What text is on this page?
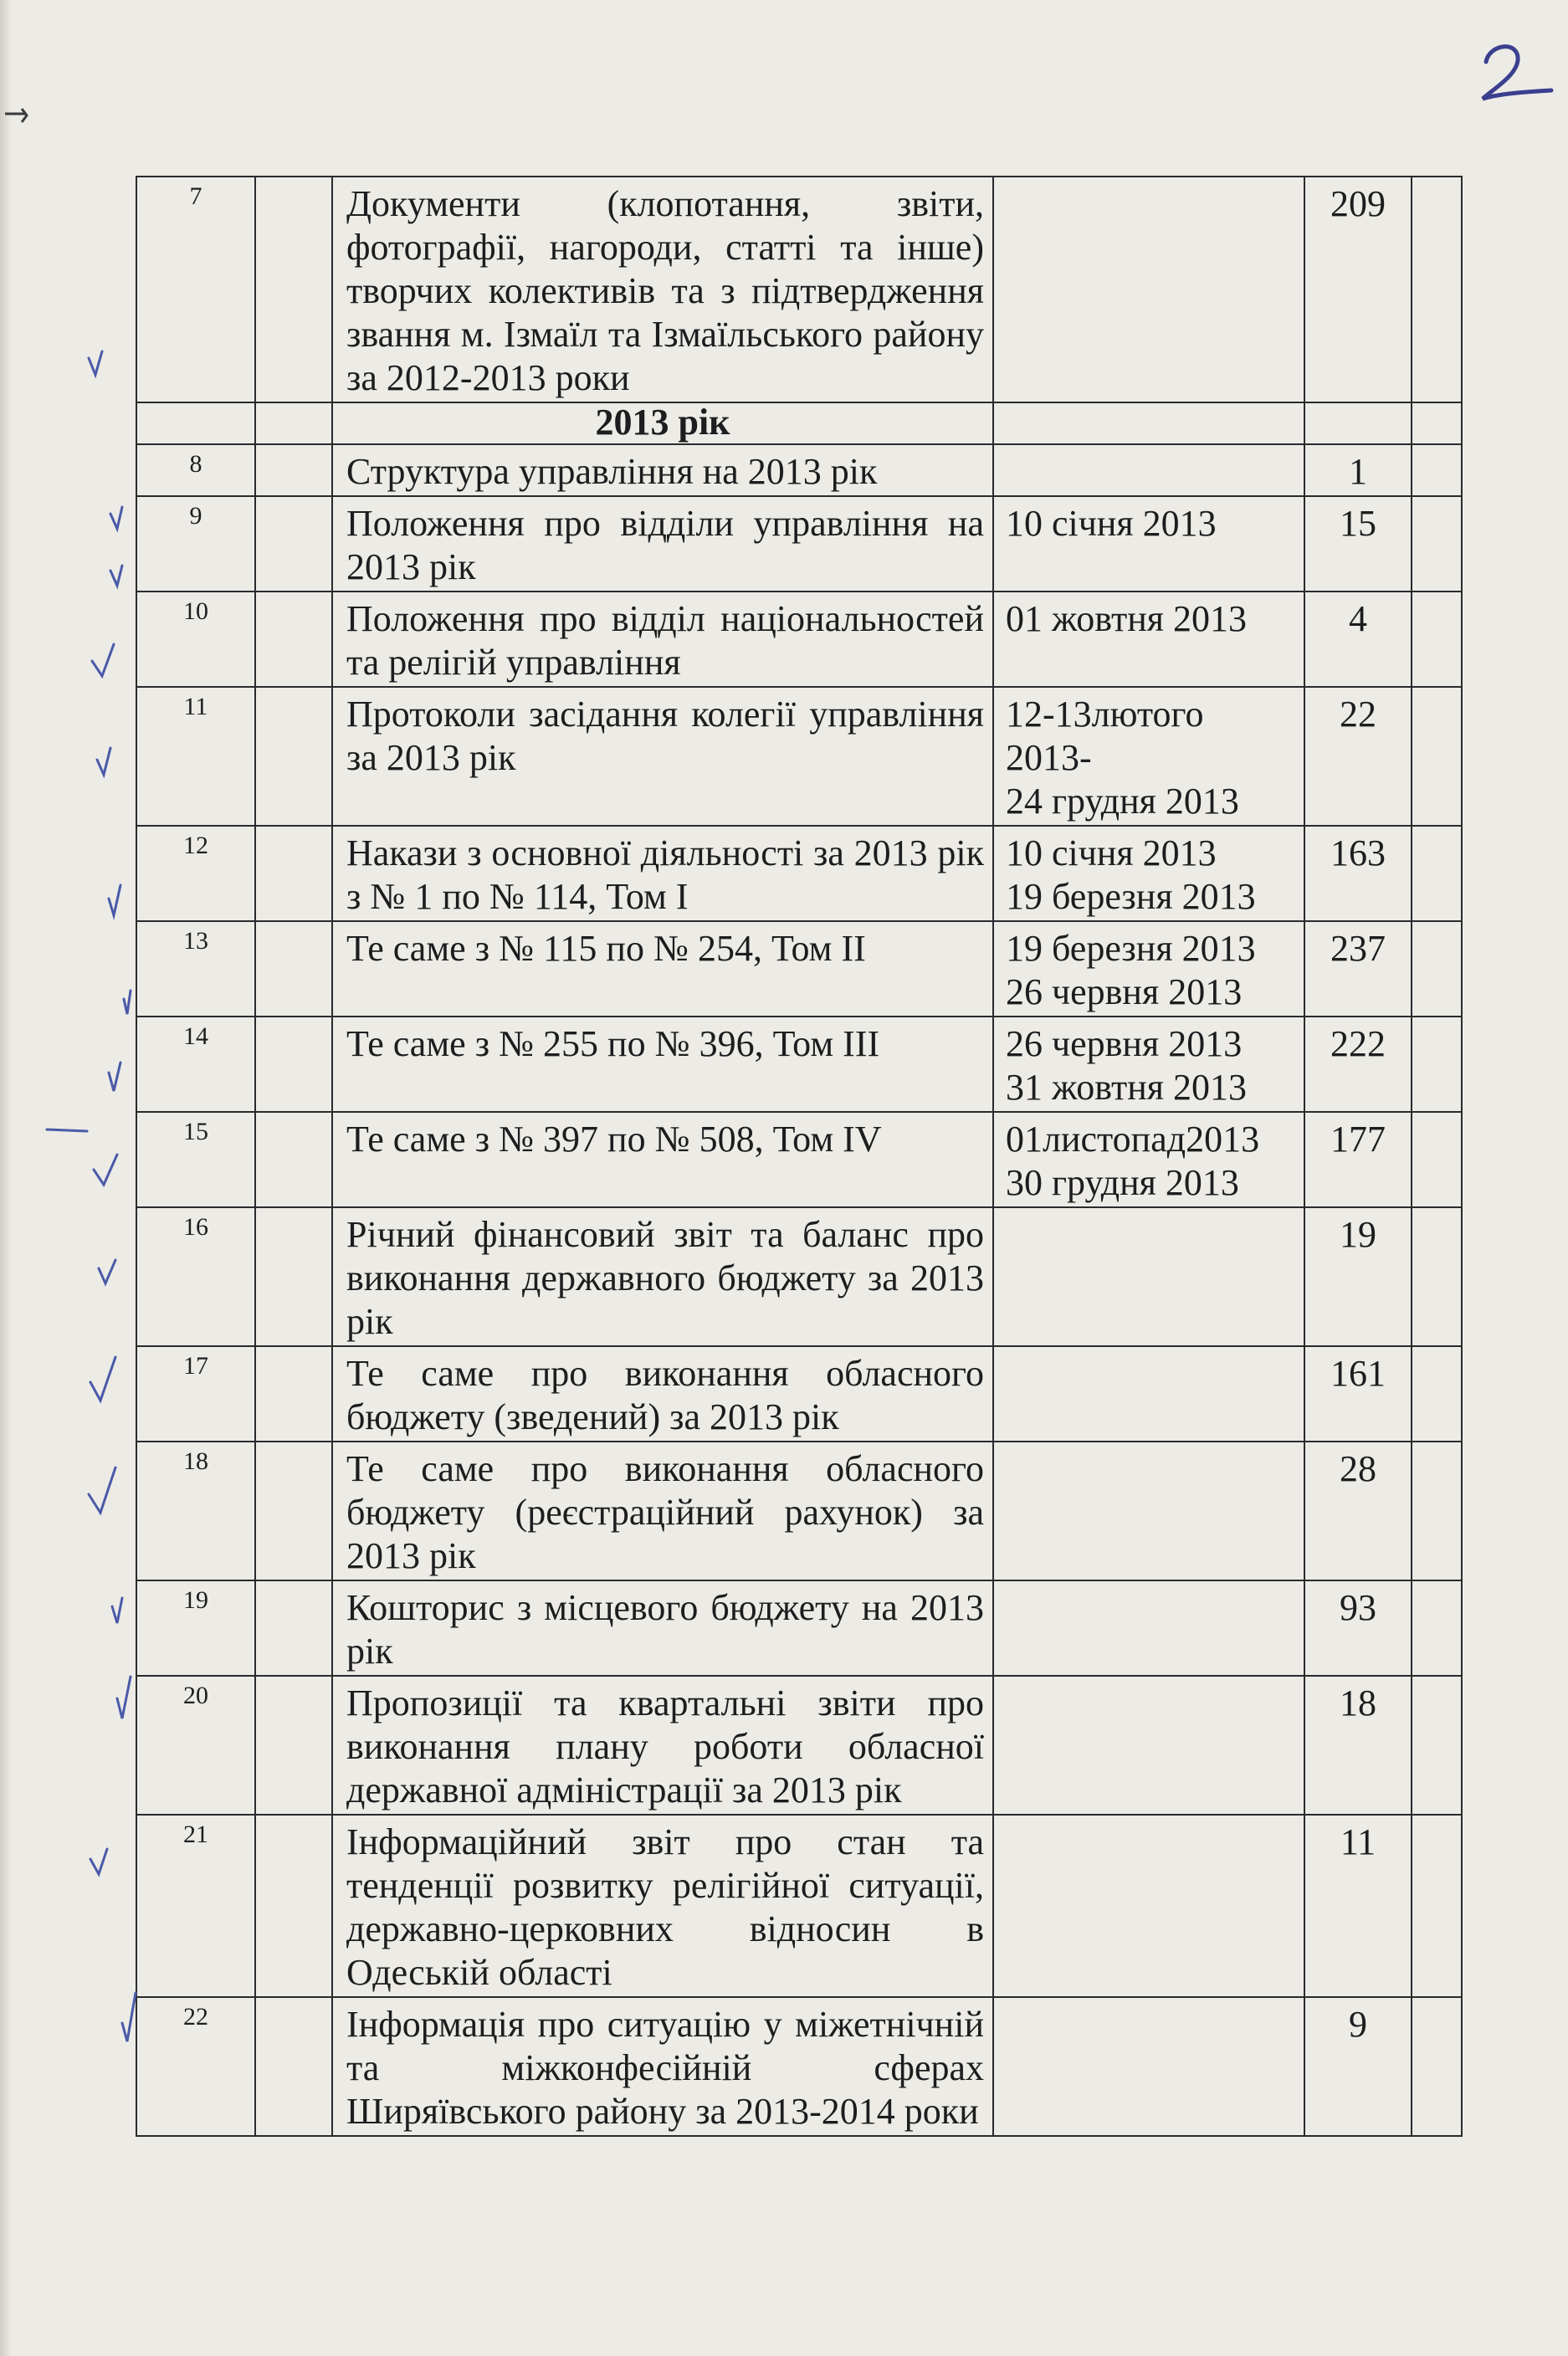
7		Документи (клопотання, звіти, фотографії, нагороди, статті та інше) творчих колективів та з підтвердження звання м. Ізмаїл та Ізмаїльського району за 2012-2013 роки		209	
		2013 рік			
8		Структура управління на 2013 рік		1	
9		Положення про відділи управління на 2013 рік	10 січня 2013	15	
10		Положення про відділ національностей та релігій управління	01 жовтня 2013	4	
11		Протоколи засідання колегії управління за 2013 рік	12-13лютого
2013-
24 грудня 2013	22	
12		Накази з основної діяльності за 2013 рік з № 1 по № 114, Том І	10 січня 2013
19 березня 2013	163	
13		Те саме з № 115 по № 254, Том ІІ	19 березня 2013
26 червня 2013	237	
14		Те саме з № 255 по № 396, Том ІІІ	26 червня 2013
31 жовтня 2013	222	
15		Те саме з № 397 по № 508, Том IV	01листопад2013
30 грудня 2013	177	
16		Річний фінансовий звіт та баланс про виконання державного бюджету за 2013 рік		19	
17		Те саме про виконання обласного бюджету (зведений) за 2013 рік		161	
18		Те саме про виконання обласного бюджету (реєстраційний рахунок) за 2013 рік		28	
19		Кошторис з місцевого бюджету на 2013 рік		93	
20		Пропозиції та квартальні звіти про виконання плану роботи обласної державної адміністрації за 2013 рік		18	
21		Інформаційний звіт про стан та тенденції розвитку релігійної ситуації, державно-церковних відносин в Одеській області		11	
22		Інформація про ситуацію у міжетнічній та міжконфесійній сферах Ширяївського району за 2013-2014 роки		9	
